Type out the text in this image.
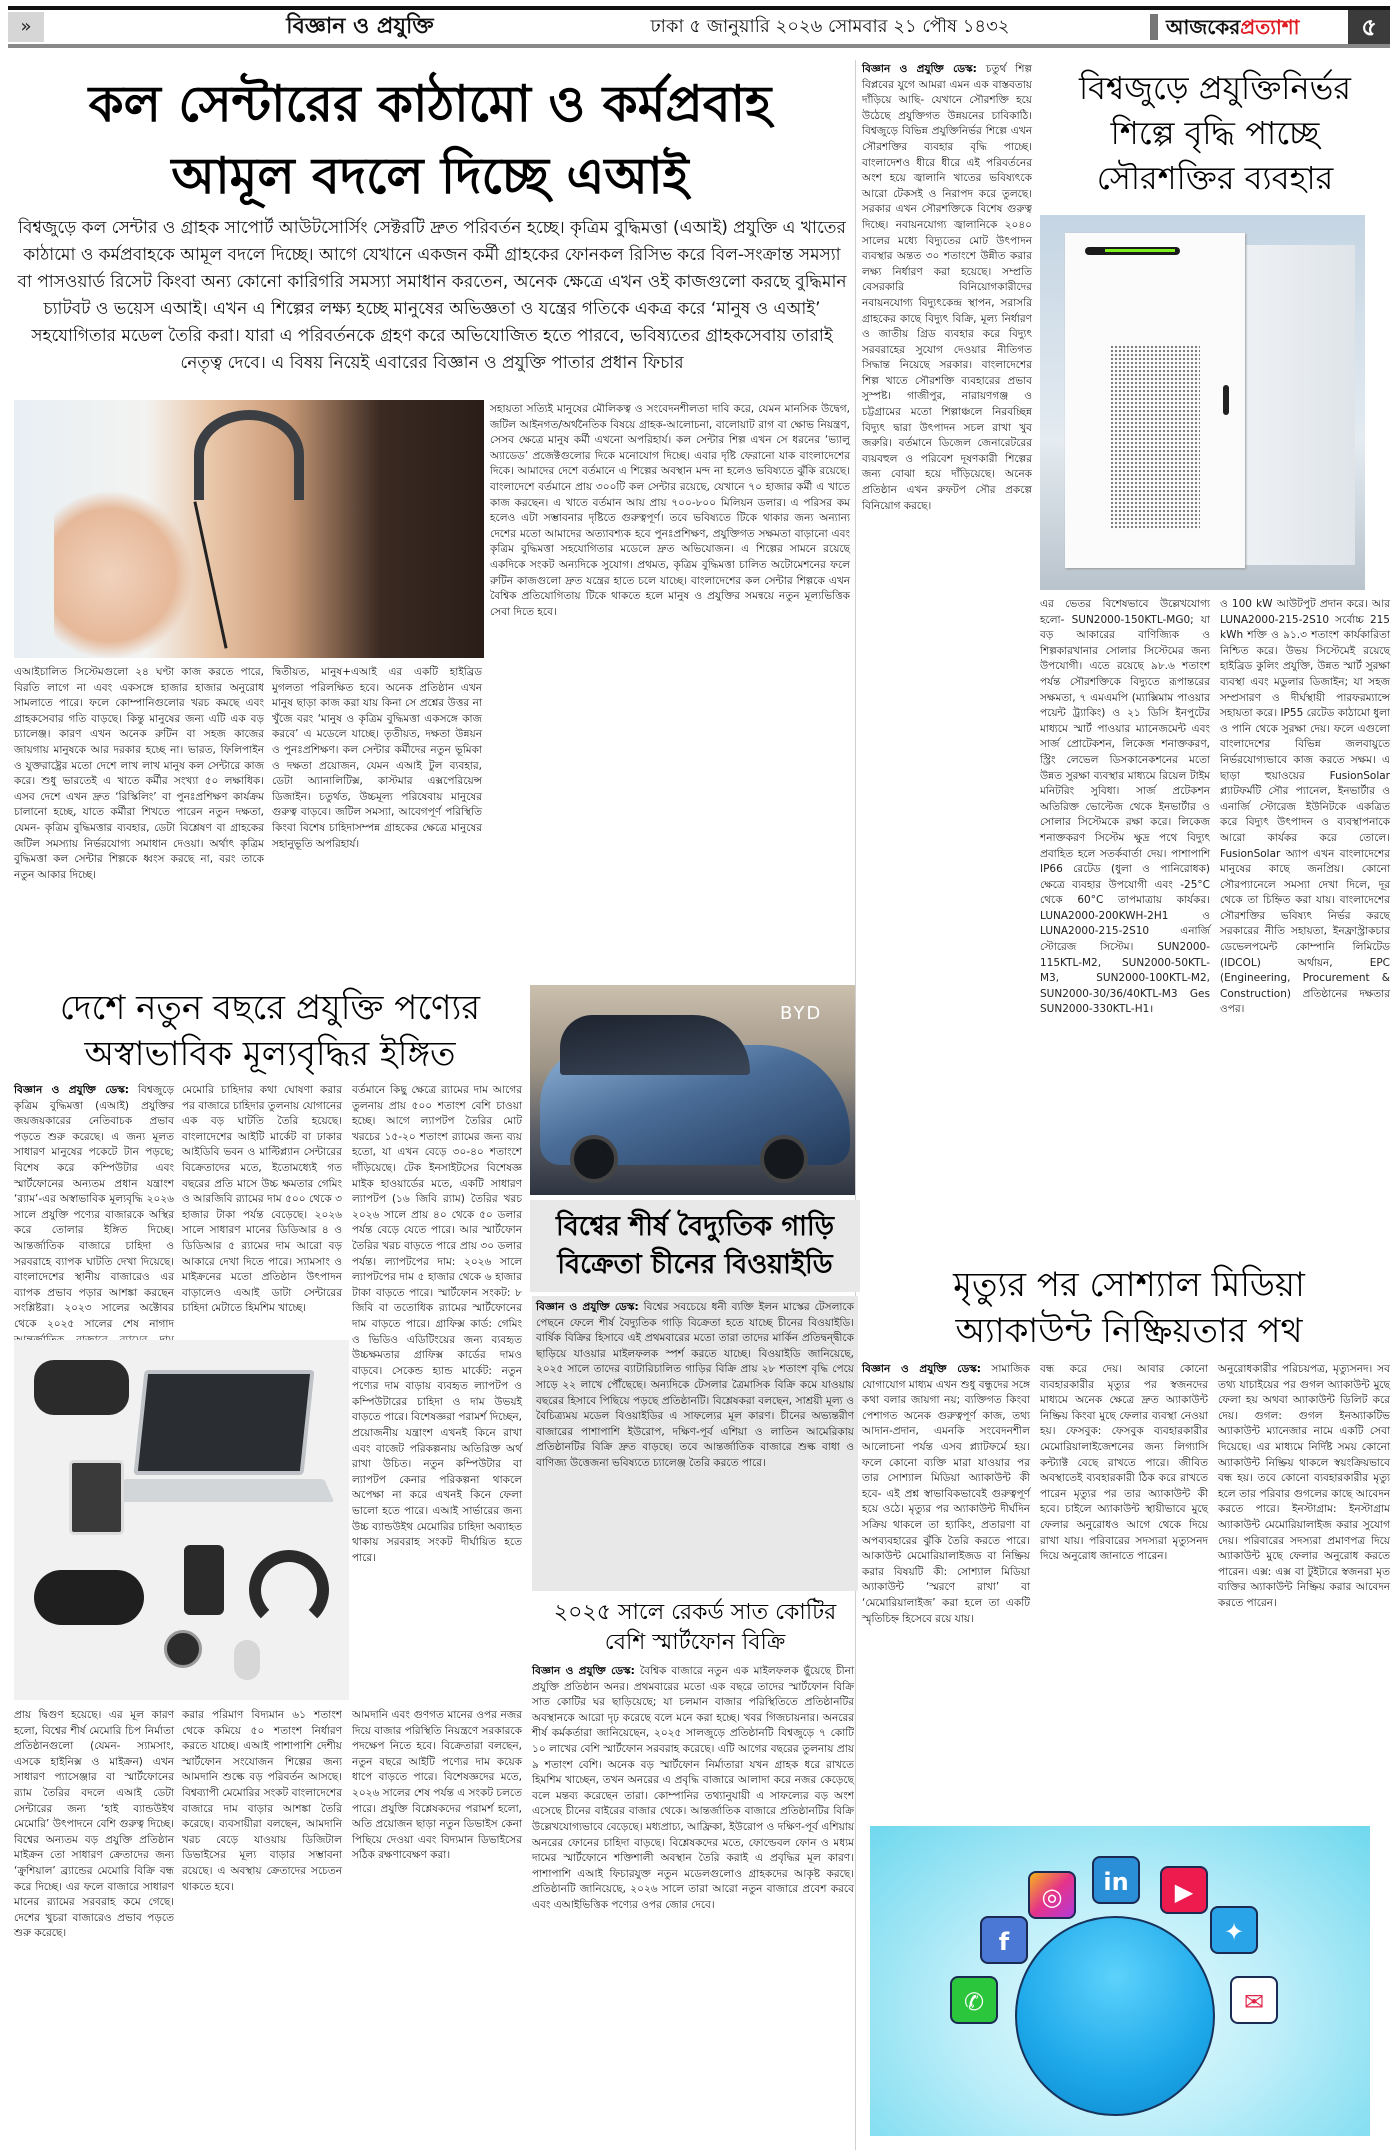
»	বিজ্ঞান ও প্রযুক্তি	ঢাকা ৫ জানুয়ারি ২০২৬ সোমবার ২১ পৌষ ১৪৩২	আজকেরপ্রত্যাশা	৫
কল সেন্টারের কাঠামো ও কর্মপ্রবাহ
আমূল বদলে দিচ্ছে এআই
বিশ্বজুড়ে কল সেন্টার ও গ্রাহক সাপোর্ট আউটসোর্সিং সেক্টরটি দ্রুত পরিবর্তন হচ্ছে। কৃত্রিম বুদ্ধিমত্তা (এআই) প্রযুক্তি এ খাতের কাঠামো ও কর্মপ্রবাহকে আমূল বদলে দিচ্ছে। আগে যেখানে একজন কর্মী গ্রাহকের ফোনকল রিসিভ করে বিল-সংক্রান্ত সমস্যা বা পাসওয়ার্ড রিসেট কিংবা অন্য কোনো কারিগরি সমস্যা সমাধান করতেন, অনেক ক্ষেত্রে এখন ওই কাজগুলো করছে বুদ্ধিমান চ্যাটবট ও ভয়েস এআই। এখন এ শিল্পের লক্ষ্য হচ্ছে মানুষের অভিজ্ঞতা ও যন্ত্রের গতিকে একত্র করে ‘মানুষ ও এআই’ সহযোগিতার মডেল তৈরি করা। যারা এ পরিবর্তনকে গ্রহণ করে অভিযোজিত হতে পারবে, ভবিষ্যতের গ্রাহকসেবায় তারাই নেতৃত্ব দেবে। এ বিষয় নিয়েই এবারের বিজ্ঞান ও প্রযুক্তি পাতার প্রধান ফিচার
এআইচালিত সিস্টেমগুলো ২৪ ঘণ্টা কাজ করতে পারে, বিরতি লাগে না এবং একসঙ্গে হাজার হাজার অনুরোধ সামলাতে পারে। ফলে কোম্পানিগুলোর খরচ কমছে এবং গ্রাহকসেবার গতি বাড়ছে। কিন্তু মানুষের জন্য এটি এক বড় চ্যালেঞ্জ। কারণ এখন অনেক রুটিন বা সহজ কাজের জায়গায় মানুষকে আর দরকার হচ্ছে না। ভারত, ফিলিপাইন ও যুক্তরাষ্ট্রের মতো দেশে লাখ লাখ মানুষ কল সেন্টারে কাজ করে। শুধু ভারতেই এ খাতে কর্মীর সংখ্যা ৫০ লক্ষাধিক। এসব দেশে এখন দ্রুত ‘রিস্কিলিং’ বা পুনঃপ্রশিক্ষণ কার্যক্রম চালানো হচ্ছে, যাতে কর্মীরা শিখতে পারেন নতুন দক্ষতা, যেমন- কৃত্রিম বুদ্ধিমত্তার ব্যবহার, ডেটা বিশ্লেষণ বা গ্রাহকের জটিল সমস্যায় নির্ভরযোগ্য সমাধান দেওয়া। অর্থাৎ কৃত্রিম বুদ্ধিমত্তা কল সেন্টার শিল্পকে ধ্বংস করছে না, বরং তাকে নতুন আকার দিচ্ছে।
দ্বিতীয়ত, মানুষ+এআই এর একটি হাইব্রিড মুগলতা পরিলক্ষিত হবে। অনেক প্রতিষ্ঠান এখন মানুষ ছাড়া কাজ করা যায় কিনা সে প্রশ্নের উত্তর না খুঁজে বরং ‘মানুষ ও কৃত্রিম বুদ্ধিমত্তা একসঙ্গে কাজ করবে’ এ মডেলে যাচ্ছে। তৃতীয়ত, দক্ষতা উন্নয়ন ও পুনঃপ্রশিক্ষণ। কল সেন্টার কর্মীদের নতুন ভূমিকা ও দক্ষতা প্রয়োজন, যেমন এআই টুল ব্যবহার, ডেটা অ্যানালিটিক্স, কাস্টমার এক্সপেরিয়েন্স ডিজাইন। চতুর্থত, উচ্চমূল্য পরিষেবায় মানুষের গুরুত্ব বাড়বে। জটিল সমস্যা, আবেগপূর্ণ পরিস্থিতি কিংবা বিশেষ চাহিদাসম্পন্ন গ্রাহকের ক্ষেত্রে মানুষের সহানুভূতি অপরিহার্য।
সহায়তা সত্যিই মানুষের মৌলিকত্ব ও সংবেদনশীলতা দাবি করে, যেমন মানসিক উদ্বেগ, জটিল আইনগত/অর্থনৈতিক বিষয়ে গ্রাহক-আলোচনা, বালোয়াট রাগ বা ক্ষোভ নিয়ন্ত্রণ, সেসব ক্ষেত্রে মানুষ কর্মী এখনো অপরিহার্য। কল সেন্টার শিল্প এখন সে ধরনের ‘ভ্যালু অ্যাডেড’ প্রজেক্টগুলোর দিকে মনোযোগ দিচ্ছে। এবার দৃষ্টি ফেরানো যাক বাংলাদেশের দিকে। আমাদের দেশে বর্তমানে এ শিল্পের অবস্থান মন্দ না হলেও ভবিষ্যতে ঝুঁকি রয়েছে। বাংলাদেশে বর্তমানে প্রায় ৩০০টি কল সেন্টার রয়েছে, যেখানে ৭০ হাজার কর্মী এ খাতে কাজ করছেন। এ খাতে বর্তমান আয় প্রায় ৭০০-৮০০ মিলিয়ন ডলার। এ পরিসর কম হলেও এটা সম্ভাবনার দৃষ্টিতে গুরুত্বপূর্ণ। তবে ভবিষ্যতে টিকে থাকার জন্য অন্যান্য দেশের মতো আমাদের অত্যাবশ্যক হবে পুনঃপ্রশিক্ষণ, প্রযুক্তিগত সক্ষমতা বাড়ানো এবং কৃত্রিম বুদ্ধিমত্তা সহযোগিতার মডেলে দ্রুত অভিযোজন। এ শিল্পের সামনে রয়েছে একদিকে সংকট অন্যদিকে সুযোগ। প্রথমত, কৃত্রিম বুদ্ধিমত্তা চালিত অটোমেশনের ফলে রুটিন কাজগুলো দ্রুত যন্ত্রের হাতে চলে যাচ্ছে। বাংলাদেশের কল সেন্টার শিল্পকে এখন বৈশ্বিক প্রতিযোগিতায় টিকে থাকতে হলে মানুষ ও প্রযুক্তির সমন্বয়ে নতুন মূল্যভিত্তিক সেবা দিতে হবে।
বিজ্ঞান ও প্রযুক্তি ডেস্ক: চতুর্থ শিল্প বিপ্লবের যুগে আমরা এমন এক বাস্তবতায় দাঁড়িয়ে আছি- যেখানে সৌরশক্তি হয়ে উঠেছে প্রযুক্তিগত উন্নয়নের চাবিকাঠি। বিশ্বজুড়ে বিভিন্ন প্রযুক্তিনির্ভর শিল্পে এখন সৌরশক্তির ব্যবহার বৃদ্ধি পাচ্ছে। বাংলাদেশও ধীরে ধীরে এই পরিবর্তনের অংশ হয়ে জ্বালানি খাতের ভবিষ্যৎকে আরো টেকসই ও নিরাপদ করে তুলছে। সরকার এখন সৌরশক্তিকে বিশেষ গুরুত্ব দিচ্ছে। নবায়নযোগ্য জ্বালানিকে ২০৪০ সালের মধ্যে বিদ্যুতের মোট উৎপাদন ব্যবস্থার অন্তত ৩০ শতাংশে উন্নীত করার লক্ষ্য নির্ধারণ করা হয়েছে। সম্প্রতি বেসরকারি বিনিয়োগকারীদের নবায়নযোগ্য বিদ্যুৎকেন্দ্র স্থাপন, সরাসরি গ্রাহকের কাছে বিদ্যুৎ বিক্রি, মূল্য নির্ধারণ ও জাতীয় গ্রিড ব্যবহার করে বিদ্যুৎ সরবরাহের সুযোগ দেওয়ার নীতিগত সিদ্ধান্ত নিয়েছে সরকার। বাংলাদেশের শিল্প খাতে সৌরশক্তি ব্যবহারের প্রভাব সুস্পষ্ট। গাজীপুর, নারায়ণগঞ্জ ও চট্টগ্রামের মতো শিল্পাঞ্চলে নিরবচ্ছিন্ন বিদ্যুৎ দ্বারা উৎপাদন সচল রাখা খুব জরুরি। বর্তমানে ডিজেল জেনারেটরের ব্যয়বহুল ও পরিবেশ দূষণকারী শিল্পের জন্য বোঝা হয়ে দাঁড়িয়েছে। অনেক প্রতিষ্ঠান এখন রুফটপ সৌর প্রকল্পে বিনিয়োগ করছে।
বিশ্বজুড়ে প্রযুক্তিনির্ভর
শিল্পে বৃদ্ধি পাচ্ছে
সৌরশক্তির ব্যবহার
এর ভেতর বিশেষভাবে উল্লেখযোগ্য হলো- SUN2000-150KTL-MG0; যা বড় আকারের বাণিজ্যিক ও শিল্পকারখানার সোলার সিস্টেমের জন্য উপযোগী। এতে রয়েছে ৯৮.৬ শতাংশ পর্যন্ত সৌরশক্তিকে বিদ্যুতে রূপান্তরের সক্ষমতা, ৭ এমএমপি (ম্যাক্সিমাম পাওয়ার পয়েন্ট ট্র্যাকিং) ও ২১ ডিসি ইনপুটের মাধ্যমে স্মার্ট পাওয়ার ম্যানেজমেন্ট এবং সার্জ প্রোটেকশন, লিকেজ শনাক্তকরণ, স্ট্রিং লেভেল ডিসকানেকশনের মতো উন্নত সুরক্ষা ব্যবস্থার মাধ্যমে রিয়েল টাইম মনিটরিং সুবিধা। সার্জ প্রটেকশন অতিরিক্ত ভোল্টেজ থেকে ইনভার্টার ও সোলার সিস্টেমকে রক্ষা করে। লিকেজ শনাক্তকরণ সিস্টেম ক্ষুদ্র পথে বিদ্যুৎ প্রবাহিত হলে সতর্কবার্তা দেয়। পাশাপাশি IP66 রেটেড (ধুলা ও পানিরোধক) ক্ষেত্রে ব্যবহার উপযোগী এবং -25°C থেকে 60°C তাপমাত্রায় কার্যকর। LUNA2000-200KWH-2H1 ও LUNA2000-215-2S10 এনার্জি স্টোরেজ সিস্টেম। SUN2000-115KTL-M2, SUN2000-50KTL-M3, SUN2000-100KTL-M2, SUN2000-30/36/40KTL-M3 Ges SUN2000-330KTL-H1।
ও 100 kW আউটপুট প্রদান করে। আর LUNA2000-215-2S10 সর্বোচ্চ 215 kWh শক্তি ও ৯১.৩ শতাংশ কার্যকারিতা নিশ্চিত করে। উভয় সিস্টেমেই রয়েছে হাইব্রিড কুলিং প্রযুক্তি, উন্নত স্মার্ট সুরক্ষা ব্যবস্থা এবং মডুলার ডিজাইন; যা সহজ সম্প্রসারণ ও দীর্ঘস্থায়ী পারফরম্যান্সে সহায়তা করে। IP55 রেটেড কাঠামো ধুলা ও পানি থেকে সুরক্ষা দেয়। ফলে এগুলো বাংলাদেশের বিভিন্ন জলবায়ুতে নির্ভরযোগ্যভাবে কাজ করতে সক্ষম। এ ছাড়া হুয়াওয়ের FusionSolar প্ল্যাটফর্মটি সৌর প্যানেল, ইনভার্টার ও এনার্জি স্টোরেজ ইউনিটকে একত্রিত করে বিদ্যুৎ উৎপাদন ও ব্যবস্থাপনাকে আরো কার্যকর করে তোলে। FusionSolar অ্যাপ এখন বাংলাদেশের মানুষের কাছে জনপ্রিয়। কোনো সৌরপ্যানেলে সমস্যা দেখা দিলে, দূর থেকে তা চিহ্নিত করা যায়। বাংলাদেশের সৌরশক্তির ভবিষ্যৎ নির্ভর করছে সরকারের নীতি সহায়তা, ইনফ্রাস্ট্রাকচার ডেভেলপমেন্ট কোম্পানি লিমিটেড (IDCOL) অর্থায়ন, EPC (Engineering, Procurement & Construction) প্রতিষ্ঠানের দক্ষতার ওপর।
দেশে নতুন বছরে প্রযুক্তি পণ্যের
অস্বাভাবিক মূল্যবৃদ্ধির ইঙ্গিত
বিজ্ঞান ও প্রযুক্তি ডেস্ক: বিশ্বজুড়ে কৃত্রিম বুদ্ধিমত্তা (এআই) প্রযুক্তির জয়জয়কারের নেতিবাচক প্রভাব পড়তে শুরু করেছে। এ জন্য মূলত সাধারণ মানুষের পকেটে টান পড়ছে; বিশেষ করে কম্পিউটার এবং স্মার্টফোনের অন্যতম প্রধান যন্ত্রাংশ ‘র‍্যাম’-এর অস্বাভাবিক মূল্যবৃদ্ধি ২০২৬ সালে প্রযুক্তি পণ্যের বাজারকে অস্থির করে তোলার ইঙ্গিত দিচ্ছে। আন্তর্জাতিক বাজারে চাহিদা ও সরবরাহে ব্যাপক ঘাটতি দেখা দিয়েছে। বাংলাদেশের স্থানীয় বাজারেও এর ব্যাপক প্রভাব পড়ার আশঙ্কা করছেন সংশ্লিষ্টরা। ২০২৩ সালের অক্টোবর থেকে ২০২৫ সালের শেষ নাগাদ
মেমোরি চাহিদার কথা ঘোষণা করার পর বাজারে চাহিদার তুলনায় যোগানের এক বড় ঘাটতি তৈরি হয়েছে। বাংলাদেশের আইটি মার্কেট বা ঢাকার আইডিবি ভবন ও মাল্টিপ্ল্যান সেন্টারের বিক্রেতাদের মতে, ইতোমধ্যেই গত বছরের প্রতি মাসে উচ্চ ক্ষমতার গেমিং ও আরজিবি র‍্যামের দাম ৫০০ থেকে ৩ হাজার টাকা পর্যন্ত বেড়েছে। ২০২৬ সালে সাধারণ মানের ডিডিআর ৪ ও ডিডিআর ৫ র‍্যামের দাম আরো বড় আকারে দেখা দিতে পারে। স্যামসাং ও মাইক্রনের মতো প্রতিষ্ঠান উৎপাদন বাড়ালেও এআই ডাটা সেন্টারের চাহিদা মেটাতে হিমশিম খাচ্ছে।
বর্তমানে কিছু ক্ষেত্রে র‍্যামের দাম আগের তুলনায় প্রায় ৫০০ শতাংশ বেশি চাওয়া হচ্ছে। আগে ল্যাপটপ তৈরির মোট খরচের ১৫-২০ শতাংশ র‍্যামের জন্য ব্যয় হতো, যা এখন বেড়ে ৩০-৪০ শতাংশে দাঁড়িয়েছে। টেক ইনসাইটসের বিশেষজ্ঞ মাইক হাওয়ার্ডের মতে, একটি সাধারণ ল্যাপটপ (১৬ জিবি র‍্যাম) তৈরির খরচ ২০২৬ সালে প্রায় ৪০ থেকে ৫০ ডলার পর্যন্ত বেড়ে যেতে পারে। আর স্মার্টফোন তৈরির খরচ বাড়তে পারে প্রায় ৩০ ডলার পর্যন্ত। ল্যাপটপের দাম: ২০২৬ সালে ল্যাপটপের দাম ৫ হাজার থেকে ৬ হাজার টাকা বাড়তে পারে। স্মার্টফোন সংকট: ৮ জিবি বা ততোধিক র‍্যামের স্মার্টফোনের দাম বাড়তে পারে। গ্রাফিক্স কার্ড: গেমিং ও ভিডিও এডিটিংয়ের জন্য ব্যবহৃত উচ্চক্ষমতার গ্রাফিক্স কার্ডের দামও বাড়বে। সেকেন্ড হ্যান্ড মার্কেট: নতুন পণ্যের দাম বাড়ায় ব্যবহৃত ল্যাপটপ ও কম্পিউটারের চাহিদা ও দাম উভয়ই বাড়তে পারে। বিশেষজ্ঞরা পরামর্শ দিচ্ছেন, প্রয়োজনীয় যন্ত্রাংশ এখনই কিনে রাখা এবং বাজেট পরিকল্পনায় অতিরিক্ত অর্থ রাখা উচিত। নতুন কম্পিউটার বা ল্যাপটপ কেনার পরিকল্পনা থাকলে অপেক্ষা না করে এখনই কিনে ফেলা ভালো হতে পারে। এআই সার্ভারের জন্য উচ্চ ব্যান্ডউইথ মেমোরির চাহিদা অব্যাহত থাকায় সরবরাহ সংকট দীর্ঘায়িত হতে পারে।
প্রায় দ্বিগুণ হয়েছে। এর মূল কারণ হলো, বিশ্বের শীর্ষ মেমোরি চিপ নির্মাতা প্রতিষ্ঠানগুলো (যেমন- স্যামসাং, এসকে হাইনিক্স ও মাইক্রন) এখন সাধারণ প্যাসেঞ্জার বা স্মার্টফোনের র‍্যাম তৈরির বদলে এআই ডেটা সেন্টারের জন্য ‘হাই ব্যান্ডউইথ মেমোরি’ উৎপাদনে বেশি গুরুত্ব দিচ্ছে। বিশ্বের অন্যতম বড় প্রযুক্তি প্রতিষ্ঠান মাইক্রন তো সাধারণ ক্রেতাদের জন্য ‘ক্রুশিয়াল’ ব্র্যান্ডের মেমোরি বিক্রি বন্ধ করে দিচ্ছে। এর ফলে বাজারে সাধারণ মানের র‍্যামের সরবরাহ কমে গেছে। দেশের খুচরা বাজারেও প্রভাব পড়তে শুরু করেছে।
করার পরিমাণ বিদ্যমান ৬১ শতাংশ থেকে কমিয়ে ৫০ শতাংশ নির্ধারণ করতে যাচ্ছে। এআই পাশাপাশি দেশীয় স্মার্টফোন সংযোজন শিল্পের জন্য আমদানি শুল্কে বড় পরিবর্তন আসছে। বিশ্বব্যাপী মেমোরির সংকট বাংলাদেশের বাজারে দাম বাড়ার আশঙ্কা তৈরি করেছে। ব্যবসায়ীরা বলছেন, আমদানি খরচ বেড়ে যাওয়ায় ডিজিটাল ডিভাইসের মূল্য বাড়ার সম্ভাবনা রয়েছে। এ অবস্থায় ক্রেতাদের সচেতন থাকতে হবে।
আমদানি এবং গুণগত মানের ওপর নজর দিয়ে বাজার পরিস্থিতি নিয়ন্ত্রণে সরকারকে পদক্ষেপ নিতে হবে। বিক্রেতারা বলছেন, নতুন বছরে আইটি পণ্যের দাম কয়েক ধাপে বাড়তে পারে। বিশেষজ্ঞদের মতে, ২০২৬ সালের শেষ পর্যন্ত এ সংকট চলতে পারে। প্রযুক্তি বিশ্লেষকদের পরামর্শ হলো, অতি প্রয়োজন ছাড়া নতুন ডিভাইস কেনা পিছিয়ে দেওয়া এবং বিদ্যমান ডিভাইসের সঠিক রক্ষণাবেক্ষণ করা।
BYD
বিশ্বের শীর্ষ বৈদ্যুতিক গাড়ি
বিক্রেতা চীনের বিওয়াইডি
বিজ্ঞান ও প্রযুক্তি ডেস্ক: বিশ্বের সবচেয়ে ধনী ব্যক্তি ইলন মাস্কের টেসলাকে পেছনে ফেলে শীর্ষ বৈদ্যুতিক গাড়ি বিক্রেতা হতে যাচ্ছে চীনের বিওয়াইডি। বার্ষিক বিক্রির হিসাবে এই প্রথমবারের মতো তারা তাদের মার্কিন প্রতিদ্বন্দ্বীকে ছাড়িয়ে যাওয়ার মাইলফলক স্পর্শ করতে যাচ্ছে। বিওয়াইডি জানিয়েছে, ২০২৫ সালে তাদের ব্যাটারিচালিত গাড়ির বিক্রি প্রায় ২৮ শতাংশ বৃদ্ধি পেয়ে সাড়ে ২২ লাখে পৌঁছেছে। অন্যদিকে টেসলার ত্রৈমাসিক বিক্রি কমে যাওয়ায় বছরের হিসাবে পিছিয়ে পড়ছে প্রতিষ্ঠানটি। বিশ্লেষকরা বলছেন, সাশ্রয়ী মূল্য ও বৈচিত্র্যময় মডেল বিওয়াইডির এ সাফল্যের মূল কারণ। চীনের অভ্যন্তরীণ বাজারের পাশাপাশি ইউরোপ, দক্ষিণ-পূর্ব এশিয়া ও লাতিন আমেরিকায় প্রতিষ্ঠানটির বিক্রি দ্রুত বাড়ছে। তবে আন্তর্জাতিক বাজারে শুল্ক বাধা ও বাণিজ্য উত্তেজনা ভবিষ্যতে চ্যালেঞ্জ তৈরি করতে পারে।
২০২৫ সালে রেকর্ড সাত কোটির
বেশি স্মার্টফোন বিক্রি
বিজ্ঞান ও প্রযুক্তি ডেস্ক: বৈশ্বিক বাজারে নতুন এক মাইলফলক ছুঁয়েছে চীনা প্রযুক্তি প্রতিষ্ঠান অনর। প্রথমবারের মতো এক বছরে তাদের স্মার্টফোন বিক্রি সাত কোটির ঘর ছাড়িয়েছে; যা চলমান বাজার পরিস্থিতিতে প্রতিষ্ঠানটির অবস্থানকে আরো দৃঢ় করেছে বলে মনে করা হচ্ছে। খবর গিজচায়নার। অনরের শীর্ষ কর্মকর্তারা জানিয়েছেন, ২০২৫ সালজুড়ে প্রতিষ্ঠানটি বিশ্বজুড়ে ৭ কোটি ১০ লাখের বেশি স্মার্টফোন সরবরাহ করেছে। এটি আগের বছরের তুলনায় প্রায় ৯ শতাংশ বেশি। অনেক বড় স্মার্টফোন নির্মাতারা যখন গ্রাহক ধরে রাখতে হিমশিম খাচ্ছেন, তখন অনরের এ প্রবৃদ্ধি বাজারে আলাদা করে নজর কেড়েছে বলে মন্তব্য করেছেন তারা। কোম্পানির তথ্যানুযায়ী এ সাফল্যের বড় অংশ এসেছে চীনের বাইরের বাজার থেকে। আন্তর্জাতিক বাজারে প্রতিষ্ঠানটির বিক্রি উল্লেখযোগ্যভাবে বেড়েছে। মধ্যপ্রাচ্য, আফ্রিকা, ইউরোপ ও দক্ষিণ-পূর্ব এশিয়ায় অনরের ফোনের চাহিদা বাড়ছে। বিশ্লেষকদের মতে, ফোল্ডেবল ফোন ও মধ্যম দামের স্মার্টফোনে শক্তিশালী অবস্থান তৈরি করাই এ প্রবৃদ্ধির মূল কারণ। পাশাপাশি এআই ফিচারযুক্ত নতুন মডেলগুলোও গ্রাহকদের আকৃষ্ট করছে। প্রতিষ্ঠানটি জানিয়েছে, ২০২৬ সালে তারা আরো নতুন বাজারে প্রবেশ করবে এবং এআইভিত্তিক পণ্যের ওপর জোর দেবে।
মৃত্যুর পর সোশ্যাল মিডিয়া
অ্যাকাউন্ট নিষ্ক্রিয়তার পথ
বিজ্ঞান ও প্রযুক্তি ডেস্ক: সামাজিক যোগাযোগ মাধ্যম এখন শুধু বন্ধুদের সঙ্গে কথা বলার জায়গা নয়; ব্যক্তিগত কিংবা পেশাগত অনেক গুরুত্বপূর্ণ কাজ, তথ্য আদান-প্রদান, এমনকি সংবেদনশীল আলোচনা পর্যন্ত এসব প্ল্যাটফর্মে হয়। ফলে কোনো ব্যক্তি মারা যাওয়ার পর তার সোশ্যাল মিডিয়া অ্যাকাউন্ট কী হবে- এই প্রশ্ন স্বাভাবিকভাবেই গুরুত্বপূর্ণ হয়ে ওঠে। মৃত্যুর পর অ্যাকাউন্ট দীর্ঘদিন সক্রিয় থাকলে তা হ্যাকিং, প্রতারণা বা অপব্যবহারের ঝুঁকি তৈরি করতে পারে। আকাউন্ট মেমোরিয়ালাইজড বা নিষ্ক্রিয় করার বিষয়টি কী: সোশ্যাল মিডিয়া অ্যাকাউন্ট ‘স্মরণে রাখা’ বা ‘মেমোরিয়ালাইজ’ করা হলে তা একটি স্মৃতিচিহ্ন হিসেবে রয়ে যায়।
বন্ধ করে দেয়। আবার কোনো ব্যবহারকারীর মৃত্যুর পর স্বজনদের মাধ্যমে অনেক ক্ষেত্রে দ্রুত অ্যাকাউন্ট নিষ্ক্রিয় কিংবা মুছে ফেলার ব্যবস্থা নেওয়া হয়। ফেসবুক: ফেসবুক ব্যবহারকারীর মেমোরিয়ালাইজেশনের জন্য লিগ্যাসি কন্ট্যাক্ট বেছে রাখতে পারে। জীবিত অবস্থাতেই ব্যবহারকারী ঠিক করে রাখতে পারেন মৃত্যুর পর তার অ্যাকাউন্ট কী হবে। চাইলে অ্যাকাউন্ট স্থায়ীভাবে মুছে ফেলার অনুরোধও আগে থেকে দিয়ে রাখা যায়। পরিবারের সদস্যরা মৃত্যুসনদ দিয়ে অনুরোধ জানাতে পারেন।
অনুরোধকারীর পরিচয়পত্র, মৃত্যুসনদ। সব তথ্য যাচাইয়ের পর গুগল অ্যাকাউন্ট মুছে ফেলা হয় অথবা অ্যাকাউন্ট ডিলিট করে দেয়। গুগল: গুগল ইনঅ্যাকটিভ অ্যাকাউন্ট ম্যানেজার নামে একটি সেবা দিয়েছে। এর মাধ্যমে নির্দিষ্ট সময় কোনো অ্যাকাউন্ট নিষ্ক্রিয় থাকলে স্বয়ংক্রিয়ভাবে বন্ধ হয়। তবে কোনো ব্যবহারকারীর মৃত্যু হলে তার পরিবার গুগলের কাছে আবেদন করতে পারে। ইনস্টাগ্রাম: ইনস্টাগ্রাম অ্যাকাউন্ট মেমোরিয়ালাইজ করার সুযোগ দেয়। পরিবারের সদস্যরা প্রমাণপত্র দিয়ে অ্যাকাউন্ট মুছে ফেলার অনুরোধ করতে পারেন। এক্স: এক্স বা টুইটারে স্বজনরা মৃত ব্যক্তির অ্যাকাউন্ট নিষ্ক্রিয় করার আবেদন করতে পারেন।
✆
f
◎
in	▶
✦
✉
